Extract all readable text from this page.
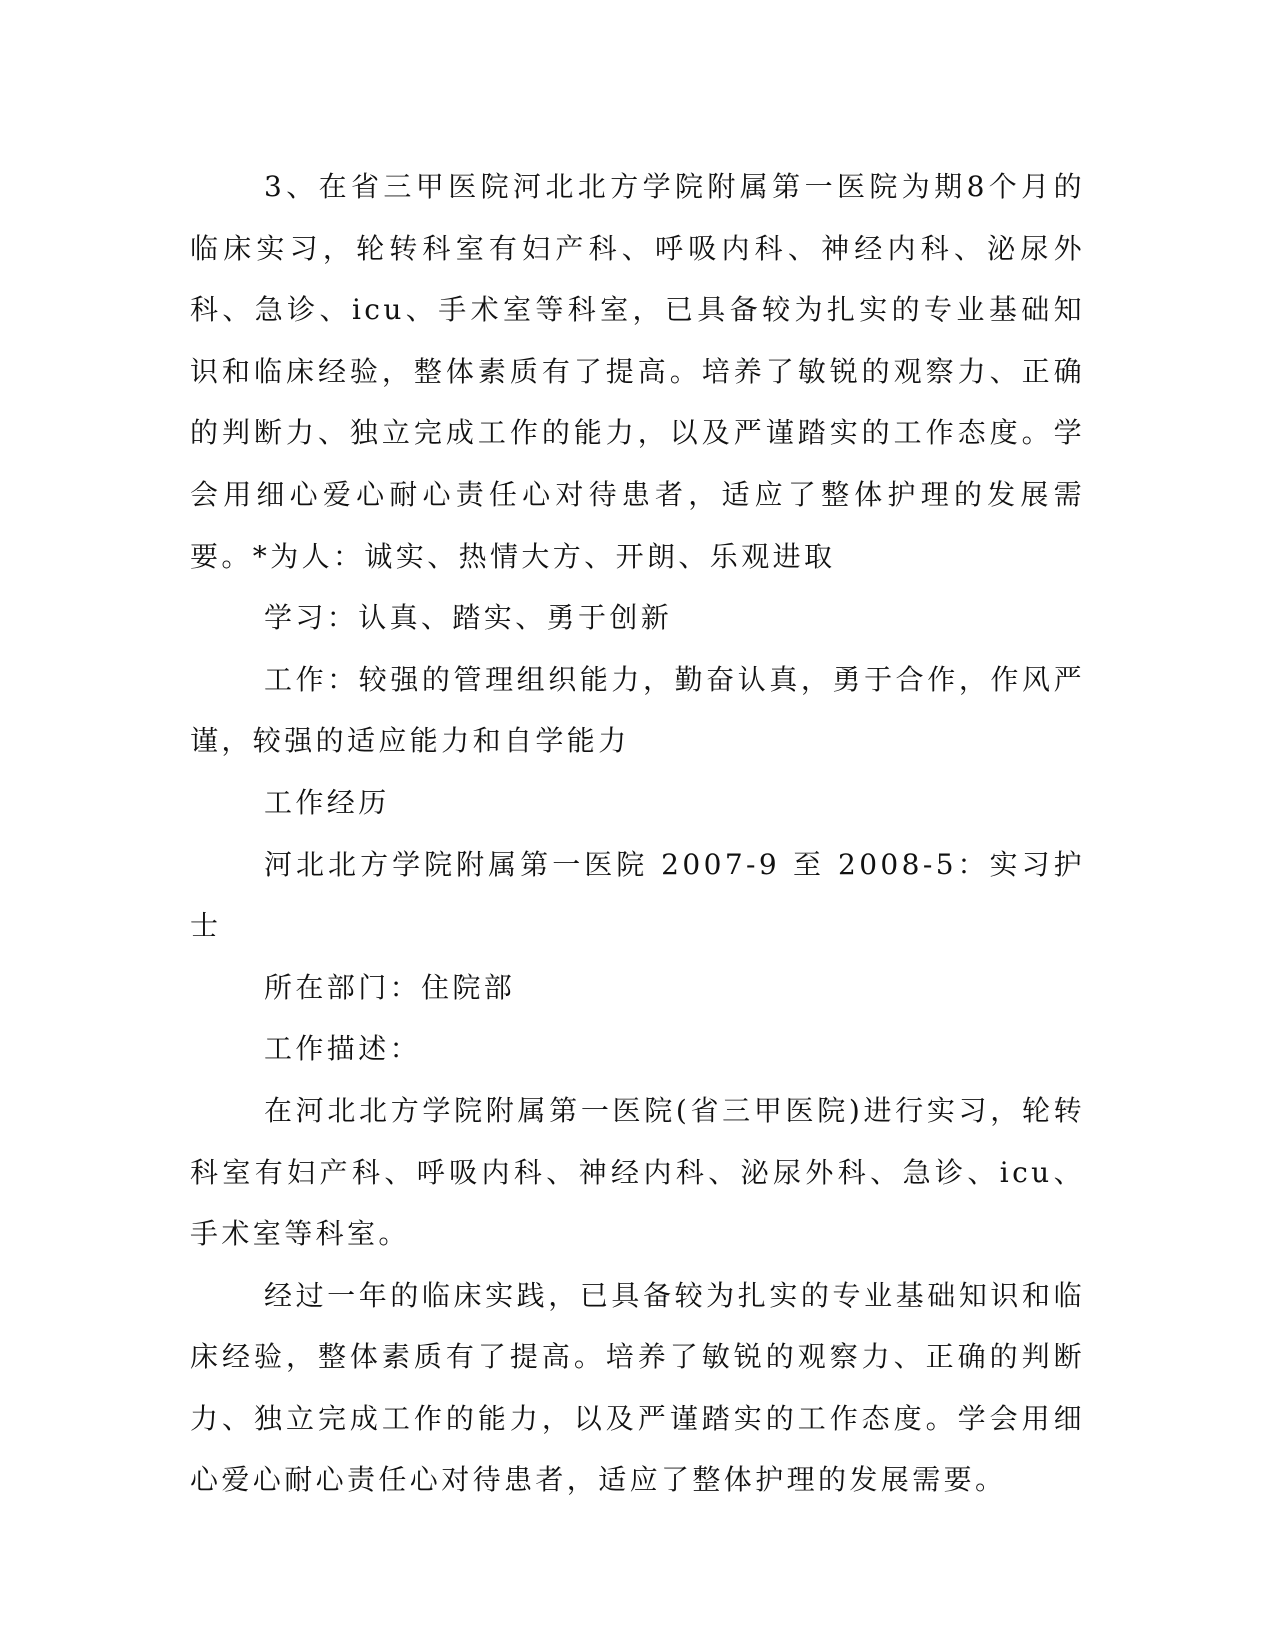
3、在省三甲医院河北北方学院附属第一医院为期8个月的临床实习，轮转科室有妇产科、呼吸内科、神经内科、泌尿外科、急诊、icu、手术室等科室，已具备较为扎实的专业基础知识和临床经验，整体素质有了提高。培养了敏锐的观察力、正确的判断力、独立完成工作的能力，以及严谨踏实的工作态度。学会用细心爱心耐心责任心对待患者，适应了整体护理的发展需要。*为人：诚实、热情大方、开朗、乐观进取

学习：认真、踏实、勇于创新

工作：较强的管理组织能力，勤奋认真，勇于合作，作风严谨，较强的适应能力和自学能力

工作经历

河北北方学院附属第一医院 2007-9 至 2008-5：实习护士

所在部门：住院部

工作描述：

在河北北方学院附属第一医院(省三甲医院)进行实习，轮转科室有妇产科、呼吸内科、神经内科、泌尿外科、急诊、icu、手术室等科室。

经过一年的临床实践，已具备较为扎实的专业基础知识和临床经验，整体素质有了提高。培养了敏锐的观察力、正确的判断力、独立完成工作的能力，以及严谨踏实的工作态度。学会用细心爱心耐心责任心对待患者，适应了整体护理的发展需要。
